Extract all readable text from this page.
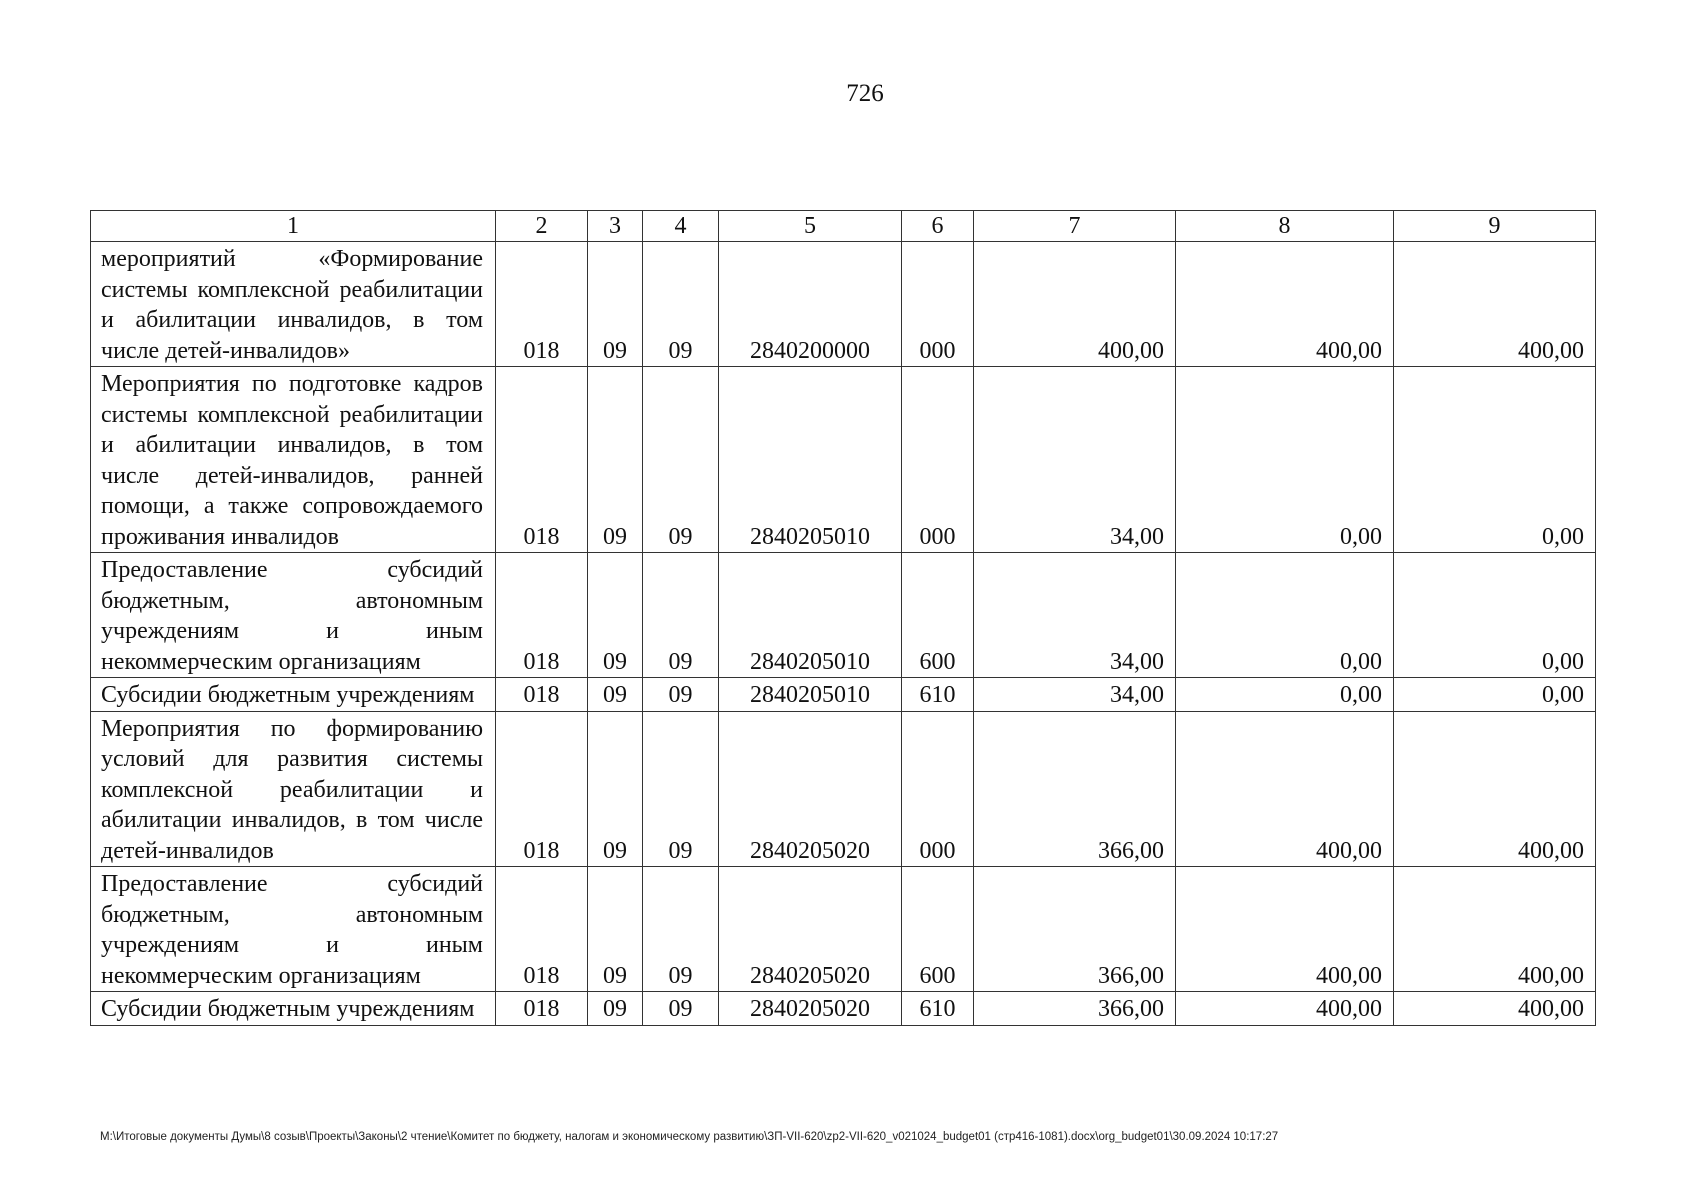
726
1	2	3	4	5	6	7	8	9
мероприятий «Формирование системы комплексной реабилитации и абилитации инвалидов, в том числе детей-инвалидов»	018	09	09	2840200000	000	400,00	400,00	400,00
Мероприятия по подготовке кадров системы комплексной реабилитации и абилитации инвалидов, в том числе детей-инвалидов, ранней помощи, а также сопровождаемого проживания инвалидов	018	09	09	2840205010	000	34,00	0,00	0,00
Предоставление субсидий бюджетным, автономным учреждениям и иным некоммерческим организациям	018	09	09	2840205010	600	34,00	0,00	0,00
Субсидии бюджетным учреждениям	018	09	09	2840205010	610	34,00	0,00	0,00
Мероприятия по формированию условий для развития системы комплексной реабилитации и абилитации инвалидов, в том числе детей-инвалидов	018	09	09	2840205020	000	366,00	400,00	400,00
Предоставление субсидий бюджетным, автономным учреждениям и иным некоммерческим организациям	018	09	09	2840205020	600	366,00	400,00	400,00
Субсидии бюджетным учреждениям	018	09	09	2840205020	610	366,00	400,00	400,00
M:\Итоговые документы Думы\8 созыв\Проекты\Законы\2 чтение\Комитет по бюджету, налогам и экономическому развитию\ЗП-VII-620\zp2-VII-620_v021024_budget01 (стр416-1081).docx\org_budget01\30.09.2024 10:17:27
